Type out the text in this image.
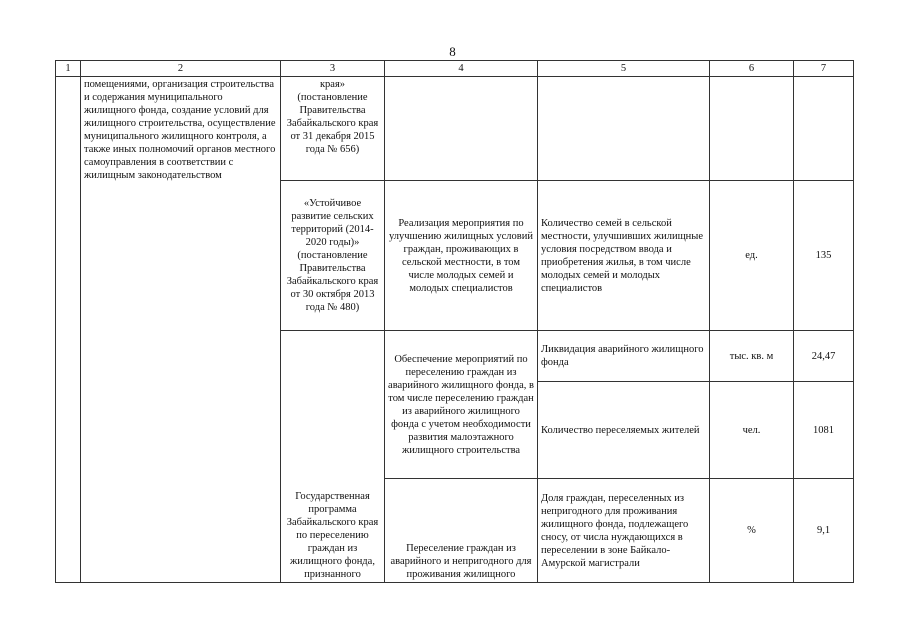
8
1	2	3	4	5	6	7
	помещениями, организация строительства и содержания муниципального жилищного фонда, создание условий для жилищного строительства, осуществление муниципального жилищного контроля, а также иных полномочий органов местного самоуправления в соответствии с жилищным законодательством	края» (постановление Правительства Забайкальского края от 31 декабря 2015 года № 656)				
		«Устойчивое развитие сельских территорий (2014-2020 годы)» (постановление Правительства Забайкальского края от 30 октября 2013 года № 480)	Реализация мероприятия по улучшению жилищных условий граждан, проживающих в сельской местности, в том числе молодых семей и молодых специалистов	Количество семей в сельской местности, улучшивших жилищные условия посредством ввода и приобретения жилья, в том числе молодых семей и молодых специалистов	ед.	135
		Государственная программа Забайкальского края по переселению граждан из жилищного фонда, признанного	Обеспечение мероприятий по переселению граждан из аварийного жилищного фонда, в том числе переселению граждан из аварийного жилищного фонда с учетом необходимости развития малоэтажного жилищного строительства	Ликвидация аварийного жилищного фонда	тыс. кв. м	24,47
				Количество переселяемых жителей	чел.	1081
			Переселение граждан из аварийного и непригодного для проживания жилищного	Доля граждан, переселенных из непригодного для проживания жилищного фонда, подлежащего сносу, от числа нуждающихся в переселении в зоне Байкало-Амурской магистрали	%	9,1
